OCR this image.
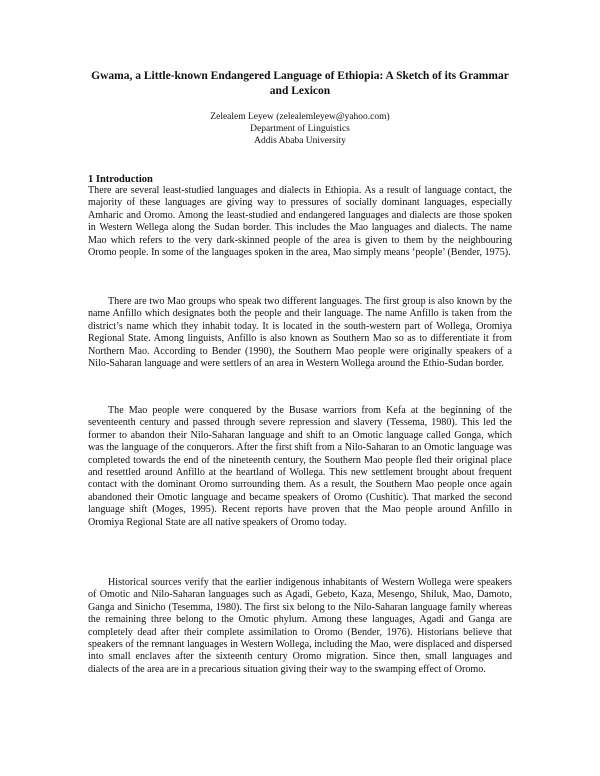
Gwama, a Little-known Endangered Language of Ethiopia: A Sketch of its Grammar and Lexicon
Zelealem Leyew (zelealemleyew@yahoo.com)
Department of Linguistics
Addis Ababa University
1 Introduction

There are several least-studied languages and dialects in Ethiopia. As a result of language contact, the majority of these languages are giving way to pressures of socially dominant languages, especially Amharic and Oromo. Among the least-studied and endangered languages and dialects are those spoken in Western Wellega along the Sudan border. This includes the Mao languages and dialects. The name Mao which refers to the very dark-skinned people of the area is given to them by the neighbouring Oromo people. In some of the languages spoken in the area, Mao simply means ‘people’ (Bender, 1975).

There are two Mao groups who speak two different languages. The first group is also known by the name Anfillo which designates both the people and their language. The name Anfillo is taken from the district’s name which they inhabit today. It is located in the south-western part of Wollega, Oromiya Regional State. Among linguists, Anfillo is also known as Southern Mao so as to differentiate it from Northern Mao. According to Bender (1990), the Southern Mao people were originally speakers of a Nilo-Saharan language and were settlers of an area in Western Wollega around the Ethio-Sudan border.

The Mao people were conquered by the Busase warriors from Kefa at the beginning of the seventeenth century and passed through severe repression and slavery (Tessema, 1980). This led the former to abandon their Nilo-Saharan language and shift to an Omotic language called Gonga, which was the language of the conquerors. After the first shift from a Nilo-Saharan to an Omotic language was completed towards the end of the nineteenth century, the Southern Mao people fled their original place and resettled around Anfillo at the heartland of Wollega. This new settlement brought about frequent contact with the dominant Oromo surrounding them. As a result, the Southern Mao people once again abandoned their Omotic language and became speakers of Oromo (Cushitic). That marked the second language shift (Moges, 1995). Recent reports have proven that the Mao people around Anfillo in Oromiya Regional State are all native speakers of Oromo today.

Historical sources verify that the earlier indigenous inhabitants of Western Wollega were speakers of Omotic and Nilo-Saharan languages such as Agadi, Gebeto, Kaza, Mesengo, Shiluk, Mao, Damoto, Ganga and Sinicho (Tesemma, 1980). The first six belong to the Nilo-Saharan language family whereas the remaining three belong to the Omotic phylum. Among these languages, Agadi and Ganga are completely dead after their complete assimilation to Oromo (Bender, 1976). Historians believe that speakers of the remnant languages in Western Wollega, including the Mao, were displaced and dispersed into small enclaves after the sixteenth century Oromo migration. Since then, small languages and dialects of the area are in a precarious situation giving their way to the swamping effect of Oromo.
